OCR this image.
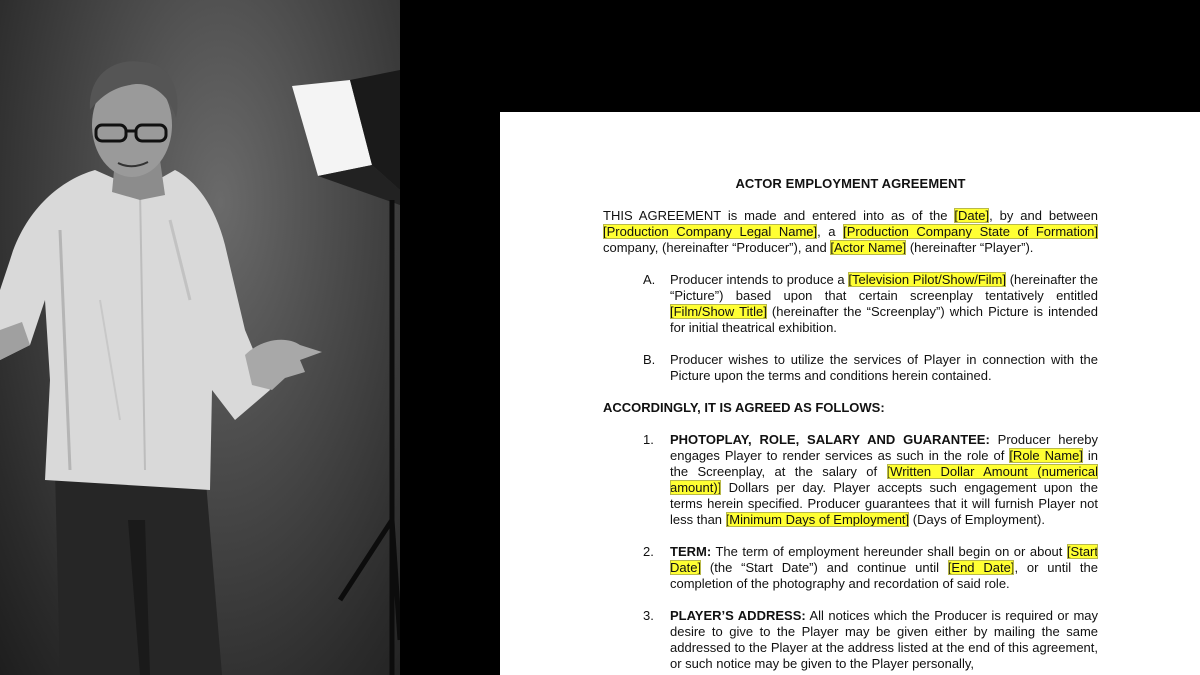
ACTOR EMPLOYMENT AGREEMENT
THIS AGREEMENT is made and entered into as of the [Date], by and between [Production Company Legal Name], a [Production Company State of Formation] company, (hereinafter “Producer”), and [Actor Name] (hereinafter “Player”).
A.	Producer intends to produce a [Television Pilot/Show/Film] (hereinafter the “Picture”) based upon that certain screenplay tentatively entitled [Film/Show Title] (hereinafter the “Screenplay”) which Picture is intended for initial theatrical exhibition.
B.	Producer wishes to utilize the services of Player in connection with the Picture upon the terms and conditions herein contained.
ACCORDINGLY, IT IS AGREED AS FOLLOWS:
1.	PHOTOPLAY, ROLE, SALARY AND GUARANTEE: Producer hereby engages Player to render services as such in the role of [Role Name] in the Screenplay, at the salary of [Written Dollar Amount (numerical amount)] Dollars per day. Player accepts such engagement upon the terms herein specified. Producer guarantees that it will furnish Player not less than [Minimum Days of Employment] (Days of Employment).
2.	TERM: The term of employment hereunder shall begin on or about [Start Date] (the “Start Date”) and continue until [End Date], or until the completion of the photography and recordation of said role.
3.	PLAYER’S ADDRESS: All notices which the Producer is required or may desire to give to the Player may be given either by mailing the same addressed to the Player at the address listed at the end of this agreement, or such notice may be given to the Player personally,
